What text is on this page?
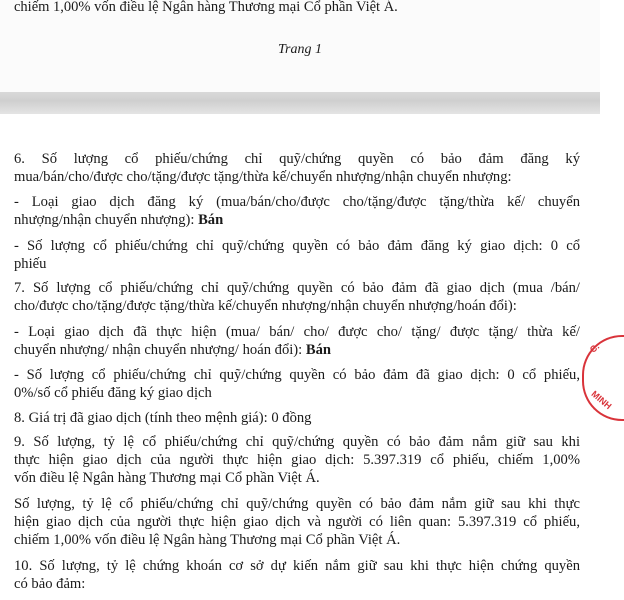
chiếm 1,00% vốn điều lệ Ngân hàng Thương mại Cổ phần Việt Á.
Trang 1
6. Số lượng cổ phiếu/chứng chỉ quỹ/chứng quyền có bảo đảm đăng ký
mua/bán/cho/được cho/tặng/được tặng/thừa kế/chuyển nhượng/nhận chuyển nhượng:
- Loại giao dịch đăng ký (mua/bán/cho/được cho/tặng/được tặng/thừa kế/ chuyển
nhượng/nhận chuyển nhượng): Bán
- Số lượng cổ phiếu/chứng chỉ quỹ/chứng quyền có bảo đảm đăng ký giao dịch: 0 cổ
phiếu
7. Số lượng cổ phiếu/chứng chỉ quỹ/chứng quyền có bảo đảm đã giao dịch (mua /bán/
cho/được cho/tặng/được tặng/thừa kế/chuyển nhượng/nhận chuyển nhượng/hoán đổi):
- Loại giao dịch đã thực hiện (mua/ bán/ cho/ được cho/ tặng/ được tặng/ thừa kế/
chuyển nhượng/ nhận chuyển nhượng/ hoán đổi): Bán
- Số lượng cổ phiếu/chứng chỉ quỹ/chứng quyền có bảo đảm đã giao dịch: 0 cổ phiếu,
0%/số cổ phiếu đăng ký giao dịch
8. Giá trị đã giao dịch (tính theo mệnh giá): 0 đồng
9. Số lượng, tỷ lệ cổ phiếu/chứng chỉ quỹ/chứng quyền có bảo đảm nắm giữ sau khi
thực hiện giao dịch của người thực hiện giao dịch: 5.397.319 cổ phiếu, chiếm 1,00%
vốn điều lệ Ngân hàng Thương mại Cổ phần Việt Á.
Số lượng, tỷ lệ cổ phiếu/chứng chỉ quỹ/chứng quyền có bảo đảm nắm giữ sau khi thực
hiện giao dịch của người thực hiện giao dịch và người có liên quan: 5.397.319 cổ phiếu,
chiếm 1,00% vốn điều lệ Ngân hàng Thương mại Cổ phần Việt Á.
10. Số lượng, tỷ lệ chứng khoán cơ sở dự kiến nắm giữ sau khi thực hiện chứng quyền
có bảo đảm:
C.
MINH
